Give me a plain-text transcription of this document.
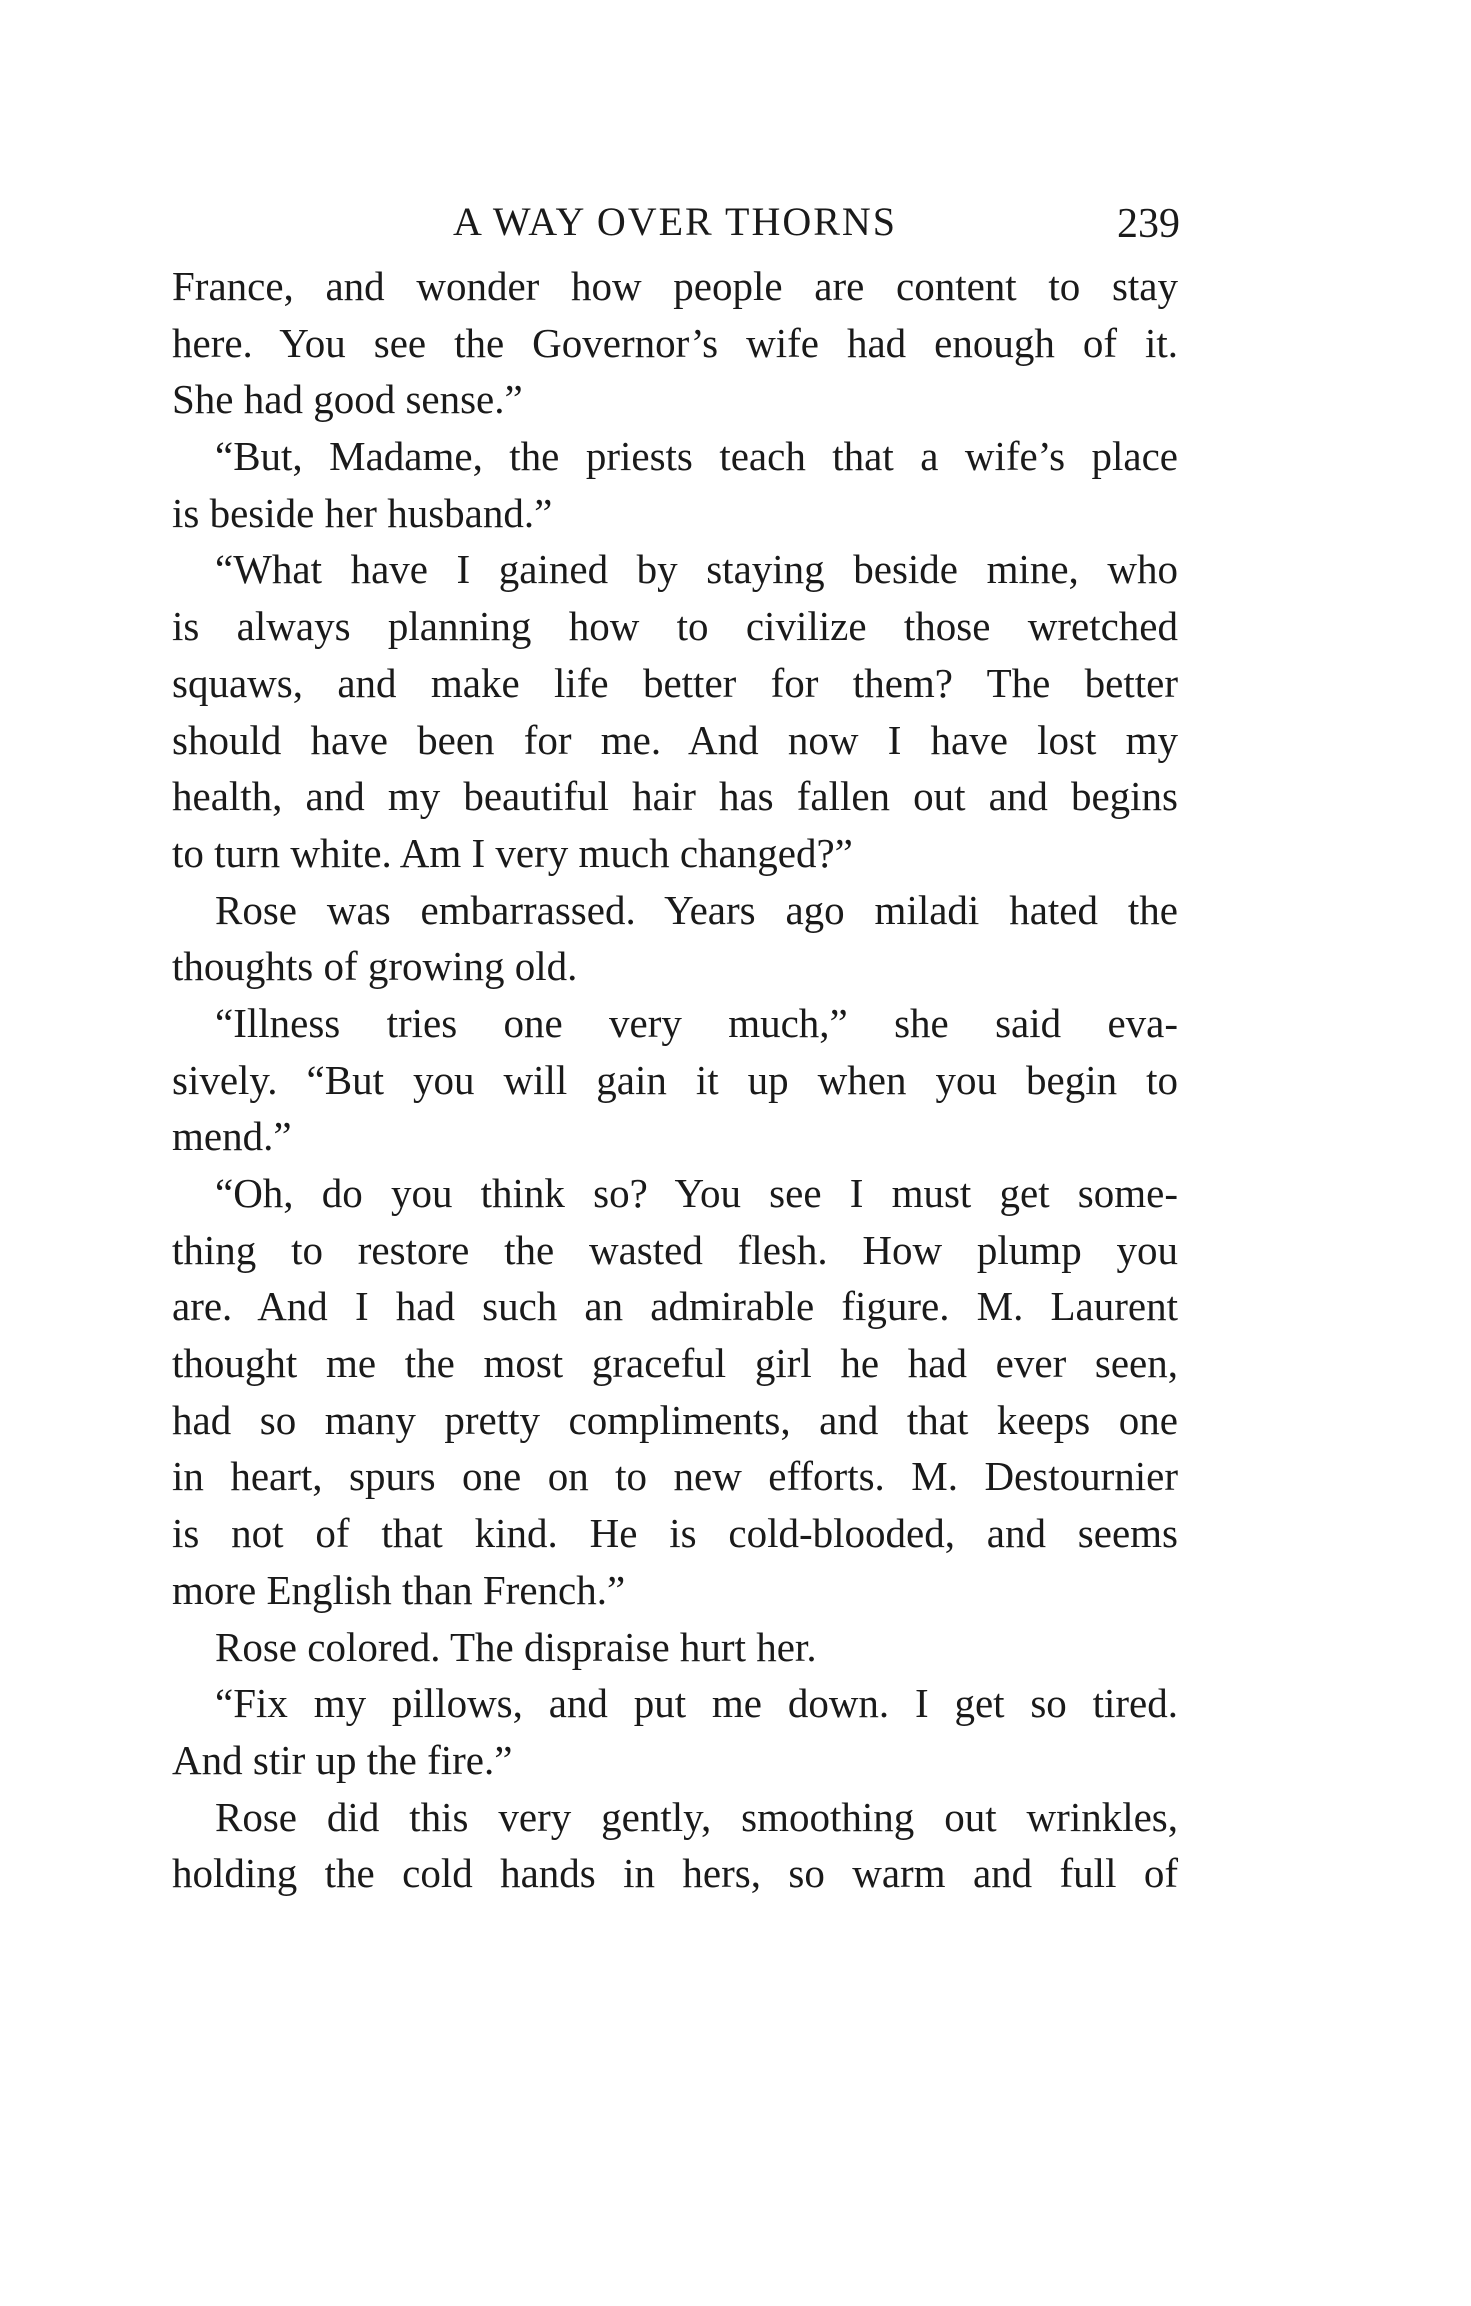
A WAY OVER THORNS	239
France, and wonder how people are content to stay
here. You see the Governor’s wife had enough of it.
She had good sense.”
“But, Madame, the priests teach that a wife’s place
is beside her husband.”
“What have I gained by staying beside mine, who
is always planning how to civilize those wretched
squaws, and make life better for them? The better
should have been for me. And now I have lost my
health, and my beautiful hair has fallen out and begins
to turn white. Am I very much changed?”
Rose was embarrassed. Years ago miladi hated the
thoughts of growing old.
“Illness tries one very much,” she said eva-
sively. “But you will gain it up when you begin to
mend.”
“Oh, do you think so? You see I must get some-
thing to restore the wasted flesh. How plump you
are. And I had such an admirable figure. M. Laurent
thought me the most graceful girl he had ever seen,
had so many pretty compliments, and that keeps one
in heart, spurs one on to new efforts. M. Destournier
is not of that kind. He is cold-blooded, and seems
more English than French.”
Rose colored. The dispraise hurt her.
“Fix my pillows, and put me down. I get so tired.
And stir up the fire.”
Rose did this very gently, smoothing out wrinkles,
holding the cold hands in hers, so warm and full of
